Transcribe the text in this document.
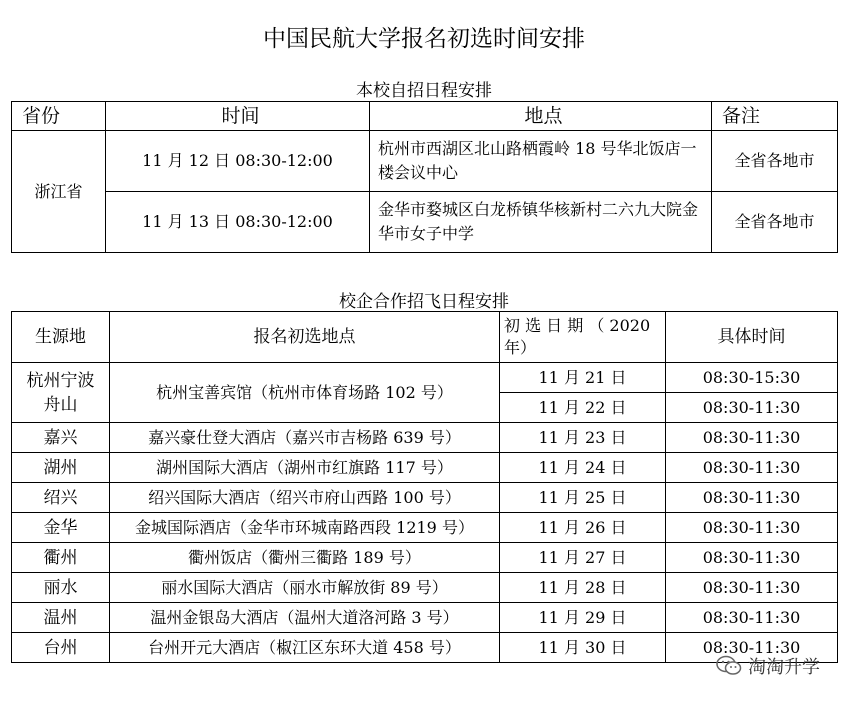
中国民航大学报名初选时间安排
本校自招日程安排
省份	时间	地点	备注
浙江省	11 月 12 日 08:30-12:00	杭州市西湖区北山路栖霞岭 18 号华北饭店一楼会议中心	全省各地市
	11 月 13 日 08:30-12:00	金华市婺城区白龙桥镇华核新村二六九大院金华市女子中学	全省各地市
校企合作招飞日程安排
生源地	报名初选地点	初 选 日 期 （ 2020 年）	具体时间
杭州宁波舟山	杭州宝善宾馆（杭州市体育场路 102 号）	11 月 21 日	08:30-15:30
		11 月 22 日	08:30-11:30
嘉兴	嘉兴豪仕登大酒店（嘉兴市吉杨路 639 号）	11 月 23 日	08:30-11:30
湖州	湖州国际大酒店（湖州市红旗路 117 号）	11 月 24 日	08:30-11:30
绍兴	绍兴国际大酒店（绍兴市府山西路 100 号）	11 月 25 日	08:30-11:30
金华	金城国际酒店（金华市环城南路西段 1219 号）	11 月 26 日	08:30-11:30
衢州	衢州饭店（衢州三衢路 189 号）	11 月 27 日	08:30-11:30
丽水	丽水国际大酒店（丽水市解放街 89 号）	11 月 28 日	08:30-11:30
温州	温州金银岛大酒店（温州大道洛河路 3 号）	11 月 29 日	08:30-11:30
台州	台州开元大酒店（椒江区东环大道 458 号）	11 月 30 日	08:30-11:30
淘淘升学
